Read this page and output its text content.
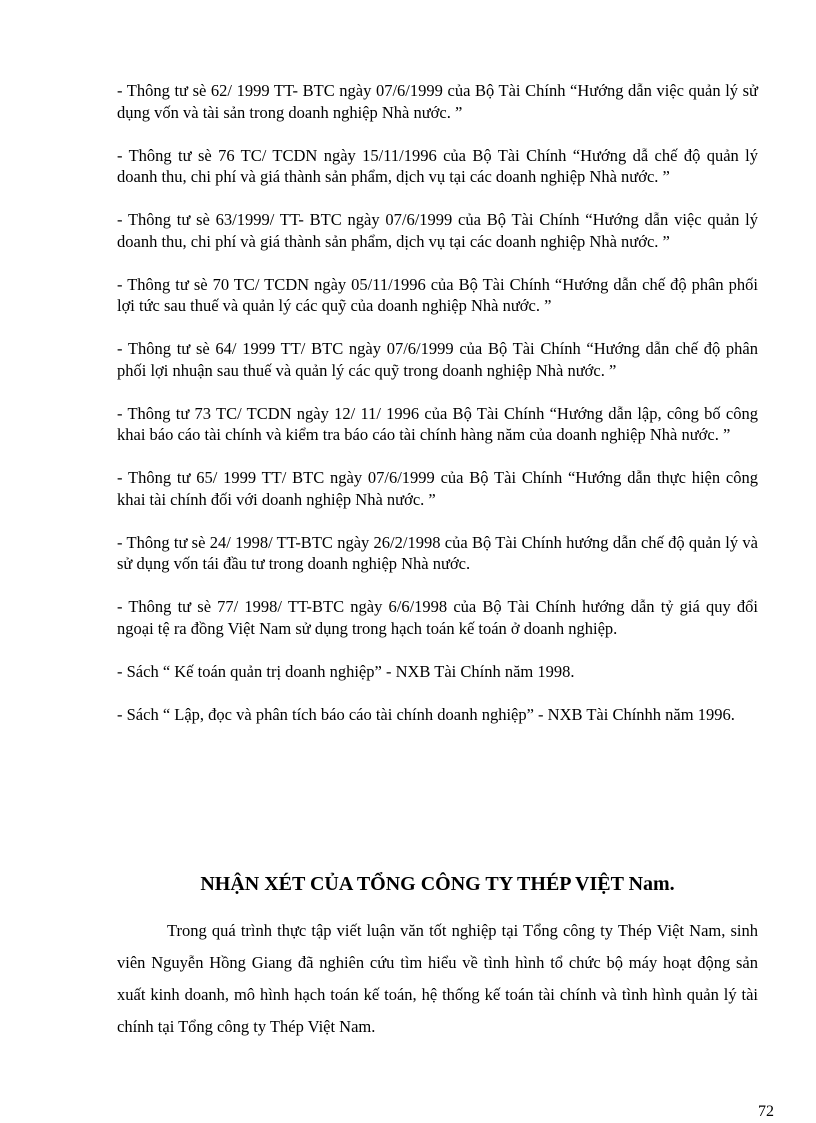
- Thông tư sè 62/ 1999 TT- BTC ngày 07/6/1999 của Bộ Tài Chính “Hướng dẫn việc quản lý sử dụng vốn và tài sản trong doanh nghiệp Nhà nước. ”

- Thông tư sè 76 TC/ TCDN ngày 15/11/1996 của Bộ Tài Chính “Hướng dẫ chế độ quản lý doanh thu, chi phí và giá thành sản phẩm, dịch vụ tại các doanh nghiệp Nhà nước. ”

- Thông tư sè 63/1999/ TT- BTC ngày 07/6/1999 của Bộ Tài Chính “Hướng dẫn việc quản lý doanh thu, chi phí và giá thành sản phẩm, dịch vụ tại các doanh nghiệp Nhà nước. ”

- Thông tư sè 70 TC/ TCDN ngày 05/11/1996 của Bộ Tài Chính “Hướng dẫn chế độ phân phối lợi tức sau thuế và quản lý các quỹ của doanh nghiệp Nhà nước. ”

- Thông tư sè 64/ 1999 TT/ BTC ngày 07/6/1999 của Bộ Tài Chính “Hướng dẫn chế độ phân phối lợi nhuận sau thuế và quản lý các quỹ trong doanh nghiệp Nhà nước. ”

- Thông tư 73 TC/ TCDN ngày 12/ 11/ 1996 của Bộ Tài Chính “Hướng dẫn lập, công bố công khai báo cáo tài chính và kiểm tra báo cáo tài chính hàng năm của doanh nghiệp Nhà nước. ”

- Thông tư 65/ 1999 TT/ BTC ngày 07/6/1999 của Bộ Tài Chính “Hướng dẫn thực hiện công khai tài chính đối với doanh nghiệp Nhà nước. ”

- Thông tư sè 24/ 1998/ TT-BTC ngày 26/2/1998 của Bộ Tài Chính hướng dẫn chế độ quản lý và sử dụng vốn tái đầu tư trong doanh nghiệp Nhà nước.

- Thông tư sè 77/ 1998/ TT-BTC ngày 6/6/1998 của Bộ Tài Chính hướng dẫn tỷ giá quy đổi ngoại tệ ra đồng Việt Nam sử dụng trong hạch toán kế toán ở doanh nghiệp.

- Sách “ Kế toán quản trị doanh nghiệp” - NXB Tài Chính năm 1998.

- Sách “ Lập, đọc và phân tích báo cáo tài chính doanh nghiệp” - NXB Tài Chínhh năm 1996.

NHẬN XÉT CỦA TỔNG CÔNG TY THÉP VIỆT Nam.

Trong quá trình thực tập viết luận văn tốt nghiệp tại Tổng công ty Thép Việt Nam, sinh viên Nguyễn Hồng Giang đã nghiên cứu tìm hiểu về tình hình tổ chức bộ máy hoạt động sản xuất kinh doanh, mô hình hạch toán kế toán, hệ thống kế toán tài chính và tình hình quản lý tài chính tại Tổng công ty Thép Việt Nam.

72
